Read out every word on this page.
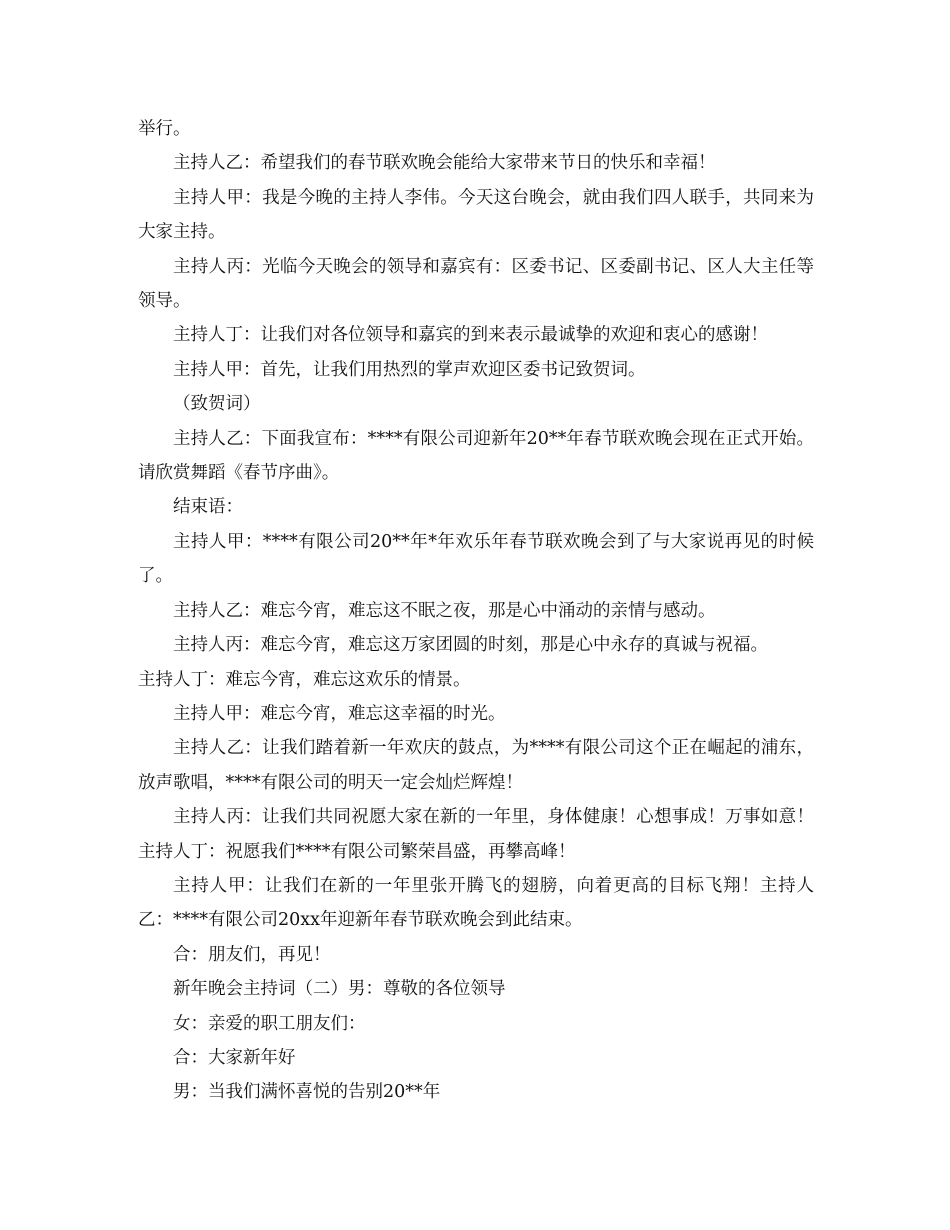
举行。

主持人乙：希望我们的春节联欢晚会能给大家带来节日的快乐和幸福！

主持人甲：我是今晚的主持人李伟。今天这台晚会，就由我们四人联手，共同来为大家主持。

主持人丙：光临今天晚会的领导和嘉宾有：区委书记、区委副书记、区人大主任等领导。

主持人丁：让我们对各位领导和嘉宾的到来表示最诚挚的欢迎和衷心的感谢！

主持人甲：首先，让我们用热烈的掌声欢迎区委书记致贺词。

（致贺词）

主持人乙：下面我宣布：****有限公司迎新年20**年春节联欢晚会现在正式开始。请欣赏舞蹈《春节序曲》。

结束语：

主持人甲：****有限公司20**年*年欢乐年春节联欢晚会到了与大家说再见的时候了。

主持人乙：难忘今宵，难忘这不眠之夜，那是心中涌动的亲情与感动。

主持人丙：难忘今宵，难忘这万家团圆的时刻，那是心中永存的真诚与祝福。

主持人丁：难忘今宵，难忘这欢乐的情景。

主持人甲：难忘今宵，难忘这幸福的时光。

主持人乙：让我们踏着新一年欢庆的鼓点，为****有限公司这个正在崛起的浦东，放声歌唱，****有限公司的明天一定会灿烂辉煌！

主持人丙：让我们共同祝愿大家在新的一年里，身体健康！心想事成！万事如意！主持人丁：祝愿我们****有限公司繁荣昌盛，再攀高峰！

主持人甲：让我们在新的一年里张开腾飞的翅膀，向着更高的目标飞翔！主持人乙：****有限公司20xx年迎新年春节联欢晚会到此结束。

合：朋友们，再见！

新年晚会主持词（二）男：尊敬的各位领导

女：亲爱的职工朋友们：

合：大家新年好

男：当我们满怀喜悦的告别20**年
